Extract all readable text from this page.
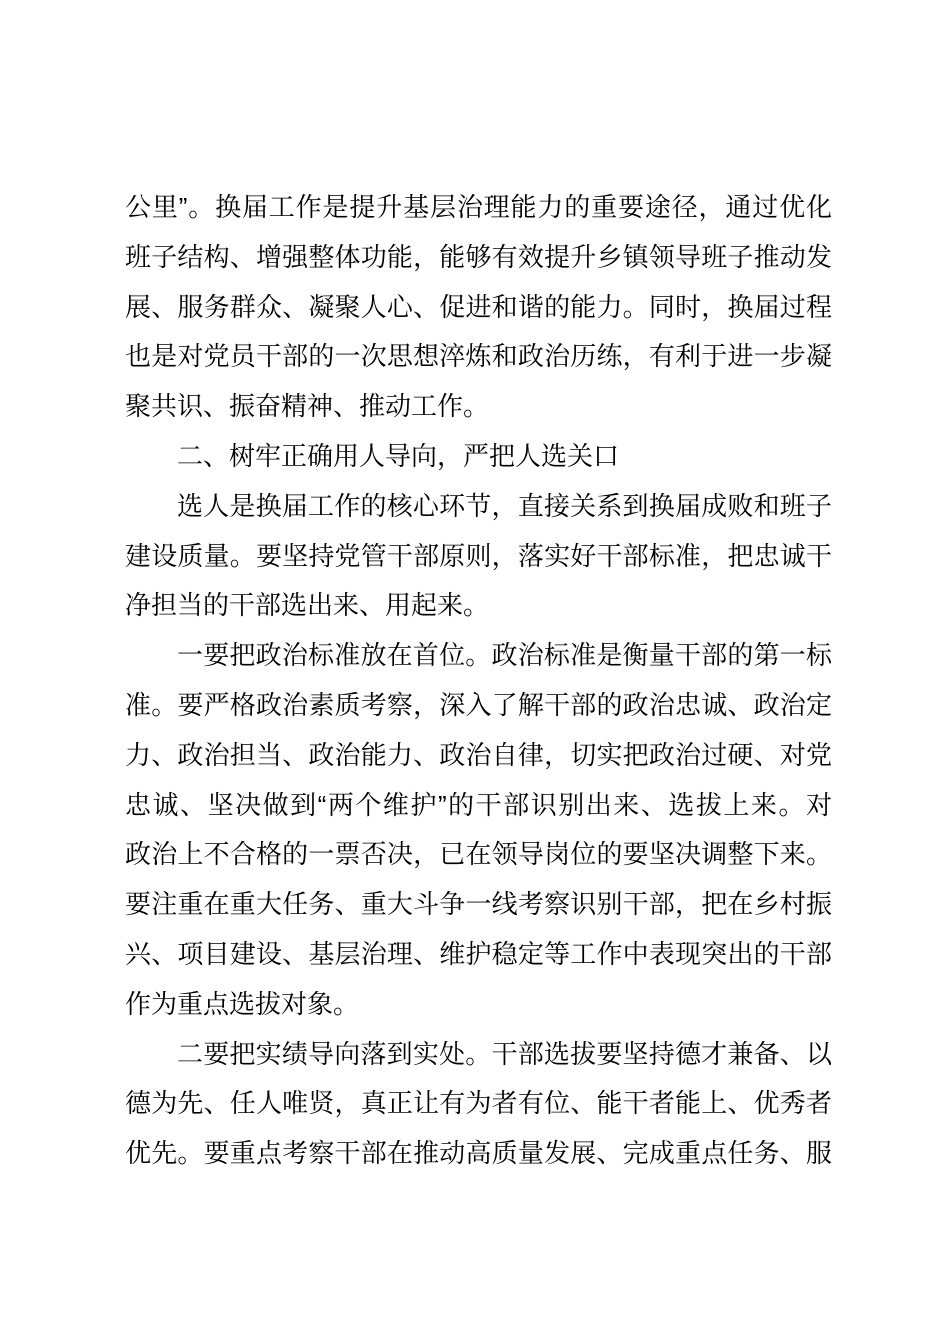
公里”。换届工作是提升基层治理能力的重要途径，通过优化
班子结构、增强整体功能，能够有效提升乡镇领导班子推动发
展、服务群众、凝聚人心、促进和谐的能力。同时，换届过程
也是对党员干部的一次思想淬炼和政治历练，有利于进一步凝
聚共识、振奋精神、推动工作。
二、树牢正确用人导向，严把人选关口
选人是换届工作的核心环节，直接关系到换届成败和班子
建设质量。要坚持党管干部原则，落实好干部标准，把忠诚干
净担当的干部选出来、用起来。
一要把政治标准放在首位。政治标准是衡量干部的第一标
准。要严格政治素质考察，深入了解干部的政治忠诚、政治定
力、政治担当、政治能力、政治自律，切实把政治过硬、对党
忠诚、坚决做到“两个维护”的干部识别出来、选拔上来。对
政治上不合格的一票否决，已在领导岗位的要坚决调整下来。
要注重在重大任务、重大斗争一线考察识别干部，把在乡村振
兴、项目建设、基层治理、维护稳定等工作中表现突出的干部
作为重点选拔对象。
二要把实绩导向落到实处。干部选拔要坚持德才兼备、以
德为先、任人唯贤，真正让有为者有位、能干者能上、优秀者
优先。要重点考察干部在推动高质量发展、完成重点任务、服
